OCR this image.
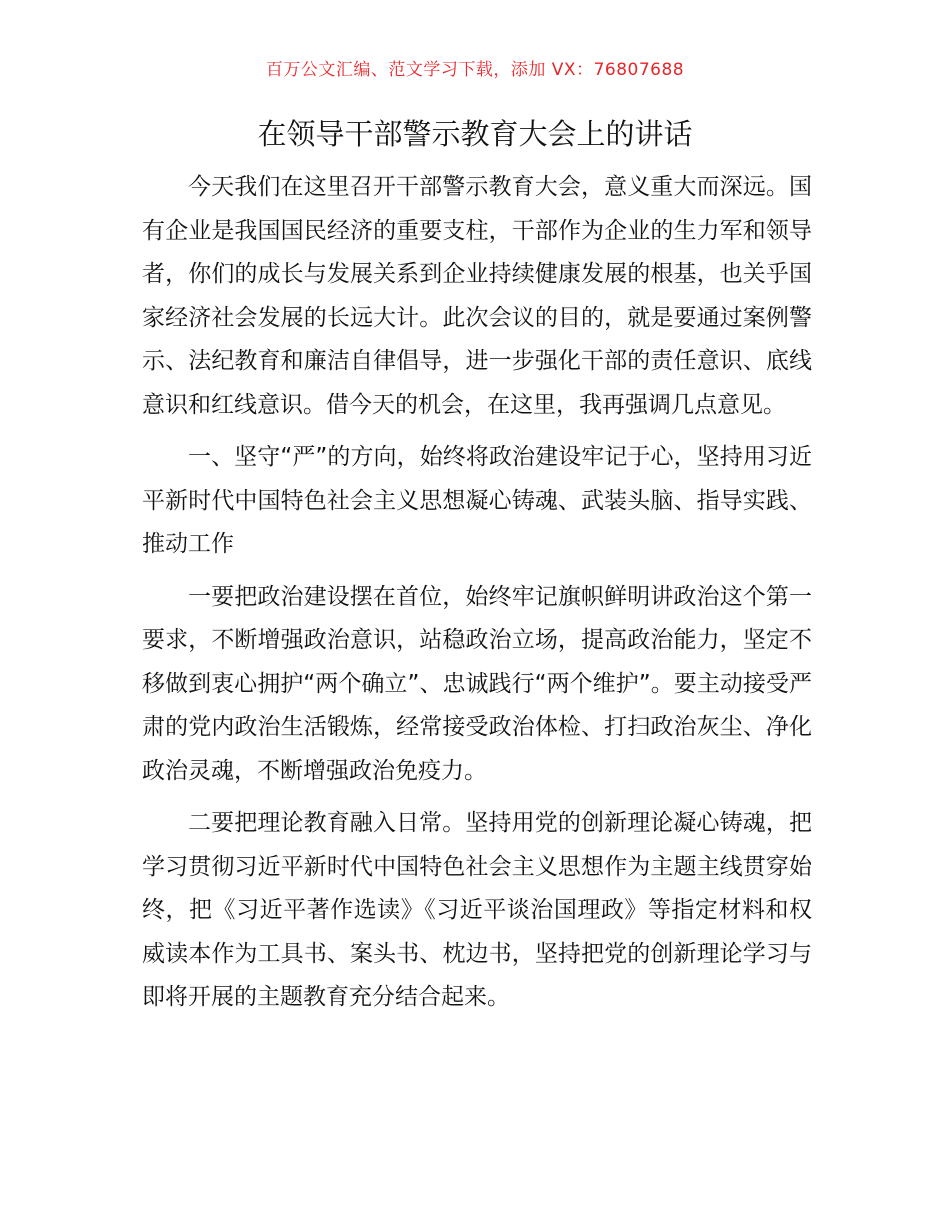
百万公文汇编、范文学习下载，添加 VX：76807688
在领导干部警示教育大会上的讲话

今天我们在这里召开干部警示教育大会，意义重大而深远。国有企业是我国国民经济的重要支柱，干部作为企业的生力军和领导者，你们的成长与发展关系到企业持续健康发展的根基，也关乎国家经济社会发展的长远大计。此次会议的目的，就是要通过案例警示、法纪教育和廉洁自律倡导，进一步强化干部的责任意识、底线意识和红线意识。借今天的机会，在这里，我再强调几点意见。

一、坚守“严”的方向，始终将政治建设牢记于心，坚持用习近平新时代中国特色社会主义思想凝心铸魂、武装头脑、指导实践、推动工作

一要把政治建设摆在首位，始终牢记旗帜鲜明讲政治这个第一要求，不断增强政治意识，站稳政治立场，提高政治能力，坚定不移做到衷心拥护“两个确立”、忠诚践行“两个维护”。要主动接受严肃的党内政治生活锻炼，经常接受政治体检、打扫政治灰尘、净化政治灵魂，不断增强政治免疫力。

二要把理论教育融入日常。坚持用党的创新理论凝心铸魂，把学习贯彻习近平新时代中国特色社会主义思想作为主题主线贯穿始终，把《习近平著作选读》《习近平谈治国理政》等指定材料和权威读本作为工具书、案头书、枕边书，坚持把党的创新理论学习与即将开展的主题教育充分结合起来。
